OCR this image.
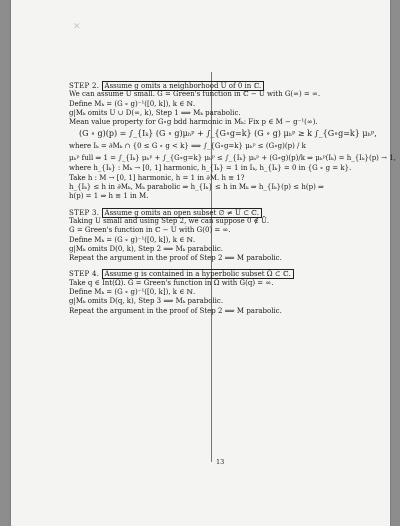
✕
STEP 2. Assume g omits a neighborhood U of 0 in ℂ.
We can assume U small. G = Green's function in ℂ − U with G(∞) = ∞.
Define Mₖ = (G ∘ g)⁻¹([0, k]), k ∈ ℕ.
g|Mₖ omits U ∪ D(∞, k), Step 1 ⟹ Mₖ parabolic.
Mean value property for G∘g bdd harmonic in Mₖ: Fix p ∈ M − g⁻¹(∞).
(G ∘ g)(p) = ∫_{Iₖ} (G ∘ g)μₕᵖ + ∫_{G∘g=k} (G ∘ g) μₕᵖ ≥ k ∫_{G∘g=k} μₕᵖ,
where Iₖ = ∂Mₖ ∩ {0 ≤ G ∘ g < k} ⟹ ∫_{G∘g=k} μₕᵖ ≤ (G∘g)(p) / k
μₕᵖ full ⇒ 1 = ∫_{Iₖ} μₕᵖ + ∫_{G∘g=k} μₕᵖ ≤ ∫_{Iₖ} μₕᵖ + (G∘g)(p)/k ⇒ μₕᵖ(Iₖ) = h_{Iₖ}(p) → 1,
where h_{Iₖ} : Mₖ → [0, 1] harmonic, h_{Iₖ} = 1 in Iₖ, h_{Iₖ} = 0 in {G ∘ g = k}.
Take h : M → [0, 1] harmonic, h = 1 in ∂M. h ≡ 1?
h_{Iₖ} ≤ h in ∂Mₖ, Mₖ parabolic ⇒ h_{Iₖ} ≤ h in Mₖ ⇒ h_{Iₖ}(p) ≤ h(p) ⇒
h(p) = 1 ⇒ h ≡ 1 in M.
STEP 3. Assume g omits an open subset ∅ ≠ U ⊂ ℂ.
Taking U small and using Step 2, we can suppose 0 ∉ Ū.
G = Green's function in ℂ − U with G(0) = ∞.
Define Mₖ = (G ∘ g)⁻¹([0, k]), k ∈ ℕ.
g|Mₖ omits D(0, k), Step 2 ⟹ Mₖ parabolic.
Repeat the argument in the proof of Step 2 ⟹ M parabolic.
STEP 4. Assume g is contained in a hyperbolic subset Ω ⊂ ℂ.
Take q ∈ Int(Ω). G = Green's function in Ω with G(q) = ∞.
Define Mₖ = (G ∘ g)⁻¹([0, k]), k ∈ ℕ.
g|Mₖ omits D(q, k), Step 3 ⟹ Mₖ parabolic.
Repeat the argument in the proof of Step 2 ⟹ M parabolic.
13
